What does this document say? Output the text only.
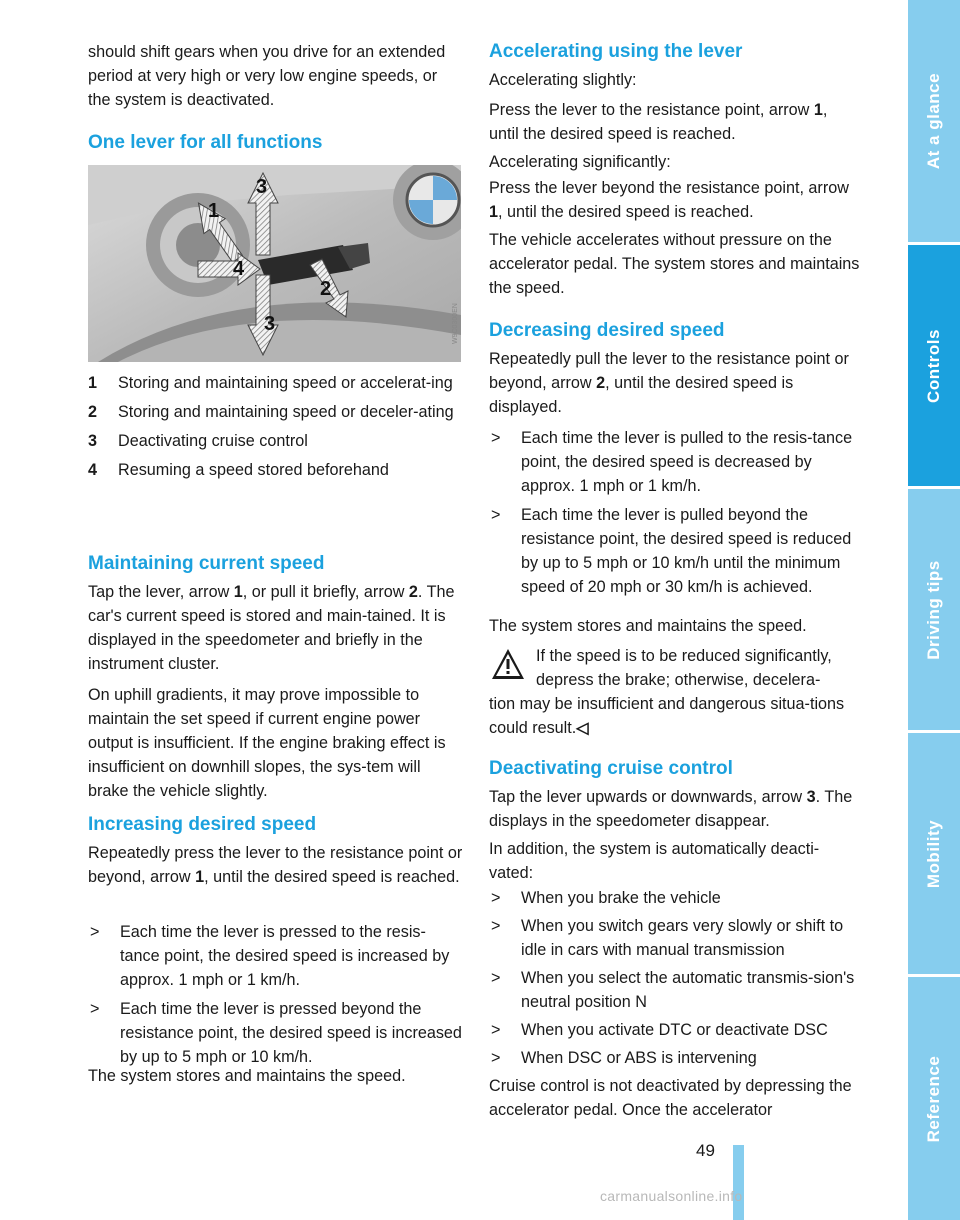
should shift gears when you drive for an extended period at very high or very low engine speeds, or the system is deactivated.

One lever for all functions
1	Storing and maintaining speed or accelerat-ing
2	Storing and maintaining speed or deceler-ating
3	Deactivating cruise control
4	Resuming a speed stored beforehand
Maintaining current speed

Tap the lever, arrow 1, or pull it briefly, arrow 2. The car's current speed is stored and main-tained. It is displayed in the speedometer and briefly in the instrument cluster.

On uphill gradients, it may prove impossible to maintain the set speed if current engine power output is insufficient. If the engine braking effect is insufficient on downhill slopes, the sys-tem will brake the vehicle slightly.

Increasing desired speed

Repeatedly press the lever to the resistance point or beyond, arrow 1, until the desired speed is reached.

>	Each time the lever is pressed to the resis-tance point, the desired speed is increased by approx. 1 mph or 1 km/h.
>	Each time the lever is pressed beyond the resistance point, the desired speed is increased by up to 5 mph or 10 km/h.

The system stores and maintains the speed.

1
2
3
3
4
W9C0300EN
Accelerating using the lever

Accelerating slightly:

Press the lever to the resistance point, arrow 1, until the desired speed is reached.

Accelerating significantly:

Press the lever beyond the resistance point, arrow 1, until the desired speed is reached.

The vehicle accelerates without pressure on the accelerator pedal. The system stores and maintains the speed.

Decreasing desired speed

Repeatedly pull the lever to the resistance point or beyond, arrow 2, until the desired speed is displayed.

>	Each time the lever is pulled to the resis-tance point, the desired speed is decreased by approx. 1 mph or 1 km/h.
>	Each time the lever is pulled beyond the resistance point, the desired speed is reduced by up to 5 mph or 10 km/h until the minimum speed of 20 mph or 30 km/h is achieved.

The system stores and maintains the speed.

If the speed is to be reduced significantly, depress the brake; otherwise, decelera-

tion may be insufficient and dangerous situa-tions could result.◁

Deactivating cruise control

Tap the lever upwards or downwards, arrow 3. The displays in the speedometer disappear.

In addition, the system is automatically deacti-vated:

>	When you brake the vehicle
>	When you switch gears very slowly or shift to idle in cars with manual transmission
>	When you select the automatic transmis-sion's neutral position N
>	When you activate DTC or deactivate DSC
>	When DSC or ABS is intervening

Cruise control is not deactivated by depressing the accelerator pedal. Once the accelerator

At a glance
Controls
Driving tips
Mobility
Reference
49
carmanualsonline.info
